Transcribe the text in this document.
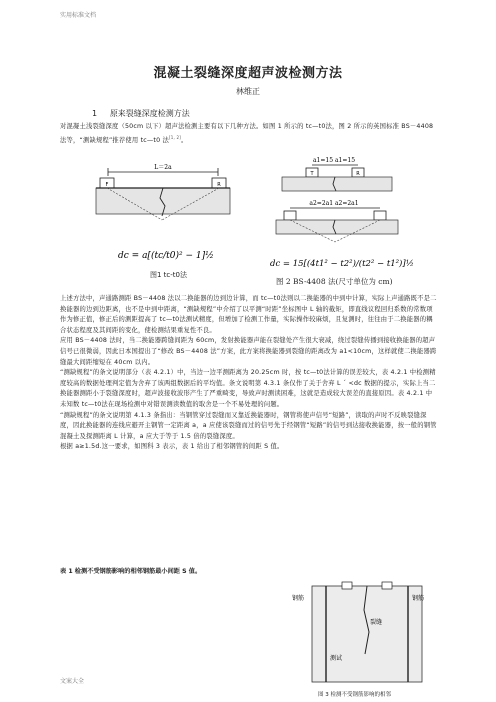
实用标准文档
混凝土裂缝深度超声波检测方法
林维正
1 原来裂缝深度检测方法
对混凝土浅裂缝深度（50cm 以下）超声法检测主要有以下几种方法。如图 1 所示的 tc—t0法，图 2 所示的英国标准 BS－4408 法等，“测缺规程”推荐使用 tc—t0 法[1, 2]。
L＝2a
F	R
dc = a[(tc/t0)² − 1]½
图1 tc-t0法
a1=15 a1=15
T	R
a2=2a1 a2=2a1
dc = 15[(4t1² − t2²)/(t2² − t1²)]½
图 2 BS-4408 法(尺寸单位为 cm)

上述方法中，声通路测距 BS－4408 法以二换能器的边到边计算，而 tc—t0法则以二换能器的中到中计算，实际上声通路既不是二换能器的边到边距离，也不是中到中距离，“测缺规程”中介绍了以平测“时距”坐标图中 L 轴的截矩，即直线议程回归系数的常数项作为修正值，修正后的测距提高了 tc—t0法测试精度，但增加了检测工作量，实际操作较麻烦，且复测时，往往由于二换能器的耦合状态程度及其间距的变化，使检测结果重复性不良。

应用 BS－4408 法时，当二换能器跨缝间距为 60cm，发射换能器声能在裂缝处产生很大衰减，绕过裂缝传播到接收换能器的超声信号已很微弱，因此日本国提出了“修改 BS－4408 法”方案，此方案将换能器到裂缝的距离改为 a1<10cm，这样就使二换能器跨缝最大间距缩短在 40cm 以内。

“测缺规程”的条文说明部分（表 4.2.1）中，当边一边平测距离为 20.25cm 时，按 tc—t0法计算的误差较大，表 4.2.1 中检测精度较高的数据处理判定值为舍弃了该两组数据后的平均值。条文说明第 4.3.1 条仅作了关于舍弃 L ˊ <dc 数据的提示，实际上当二换能器测距小于裂缝深度时，超声波接收波形产生了严重畸变，导致声时测读困难，这就是造成较大误差的直接原因。表 4.2.1 中未知数 tc—t0法在现场检测中对错误测读数值的取舍是一个不易处理的问题。

“测缺规程”的条文说明第 4.1.3 条指出：当钢管穿过裂缝而又靠近换能器时，钢管将使声信号“短路”，读取的声时不反映裂缝深度，因此换能器的连线应避开主钢管一定距离 a，a 应使该裂缝而过的信号先于经钢管“短路”的信号到达接收换能器，按一般的钢管混凝土及探测距离 L 计算，a 应大于等于 1.5 倍的裂缝深度。

根据 a≥1.5d.这一要求，如图科 3 表示，表 1 给出了相邻钢管的间距 S 值。

表 1 检测不受钢筋影响的相邻钢筋最小间距 S 值。
钢筋
裂缝
测试
钢筋
图 3 检测不受钢筋影响的相邻
文案大全
